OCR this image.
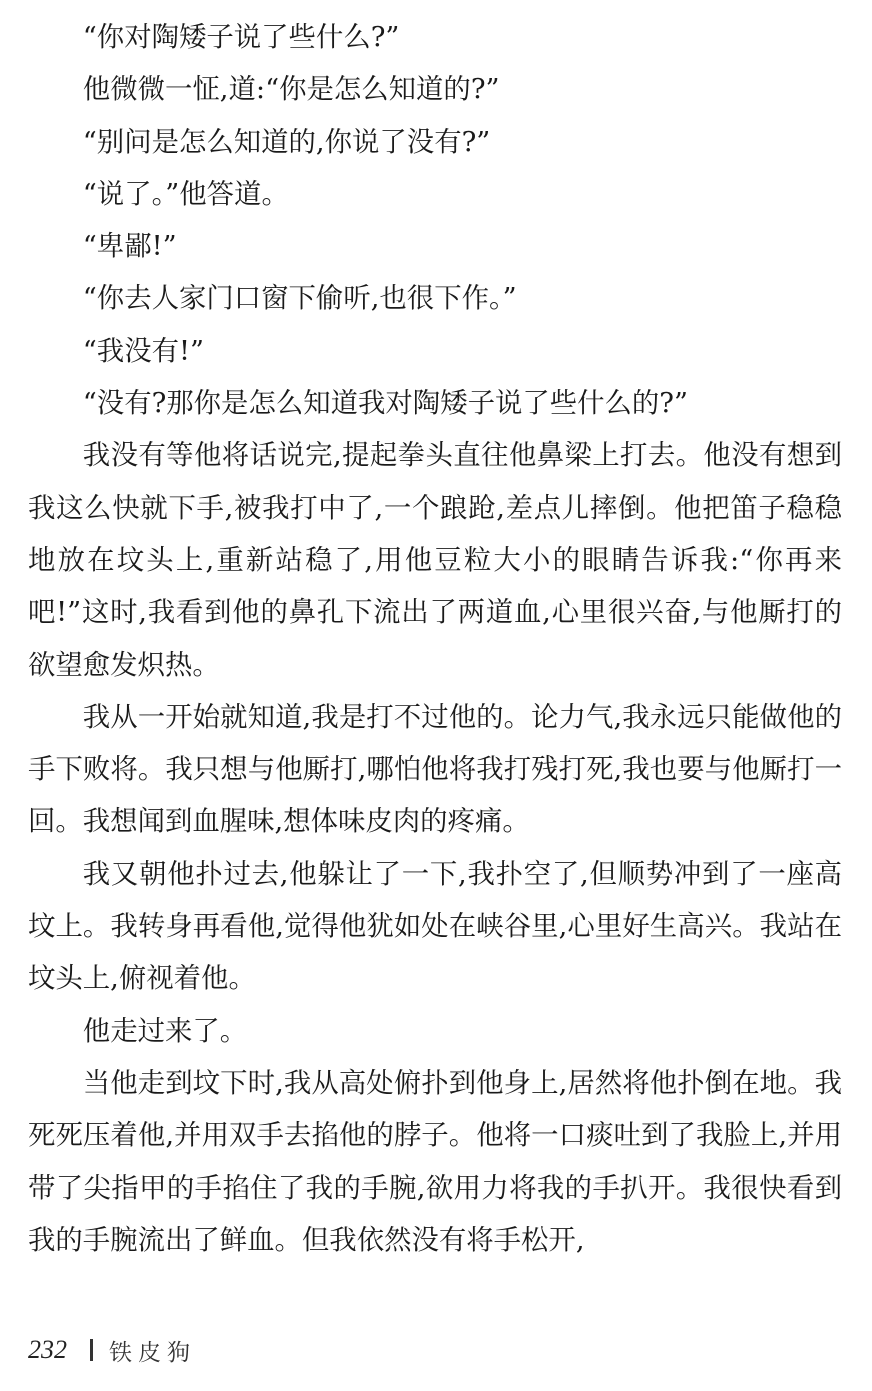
“你对陶矮子说了些什么?”

他微微一怔,道:“你是怎么知道的?”

“别问是怎么知道的,你说了没有?”

“说了。”他答道。

“卑鄙!”

“你去人家门口窗下偷听,也很下作。”

“我没有!”

“没有?那你是怎么知道我对陶矮子说了些什么的?”

我没有等他将话说完,提起拳头直往他鼻梁上打去。他没有想到我这么快就下手,被我打中了,一个踉跄,差点儿摔倒。他把笛子稳稳地放在坟头上,重新站稳了,用他豆粒大小的眼睛告诉我:“你再来吧!”这时,我看到他的鼻孔下流出了两道血,心里很兴奋,与他厮打的欲望愈发炽热。

我从一开始就知道,我是打不过他的。论力气,我永远只能做他的手下败将。我只想与他厮打,哪怕他将我打残打死,我也要与他厮打一回。我想闻到血腥味,想体味皮肉的疼痛。

我又朝他扑过去,他躲让了一下,我扑空了,但顺势冲到了一座高坟上。我转身再看他,觉得他犹如处在峡谷里,心里好生高兴。我站在坟头上,俯视着他。

他走过来了。

当他走到坟下时,我从高处俯扑到他身上,居然将他扑倒在地。我死死压着他,并用双手去掐他的脖子。他将一口痰吐到了我脸上,并用带了尖指甲的手掐住了我的手腕,欲用力将我的手扒开。我很快看到我的手腕流出了鲜血。但我依然没有将手松开,

232	铁皮狗
